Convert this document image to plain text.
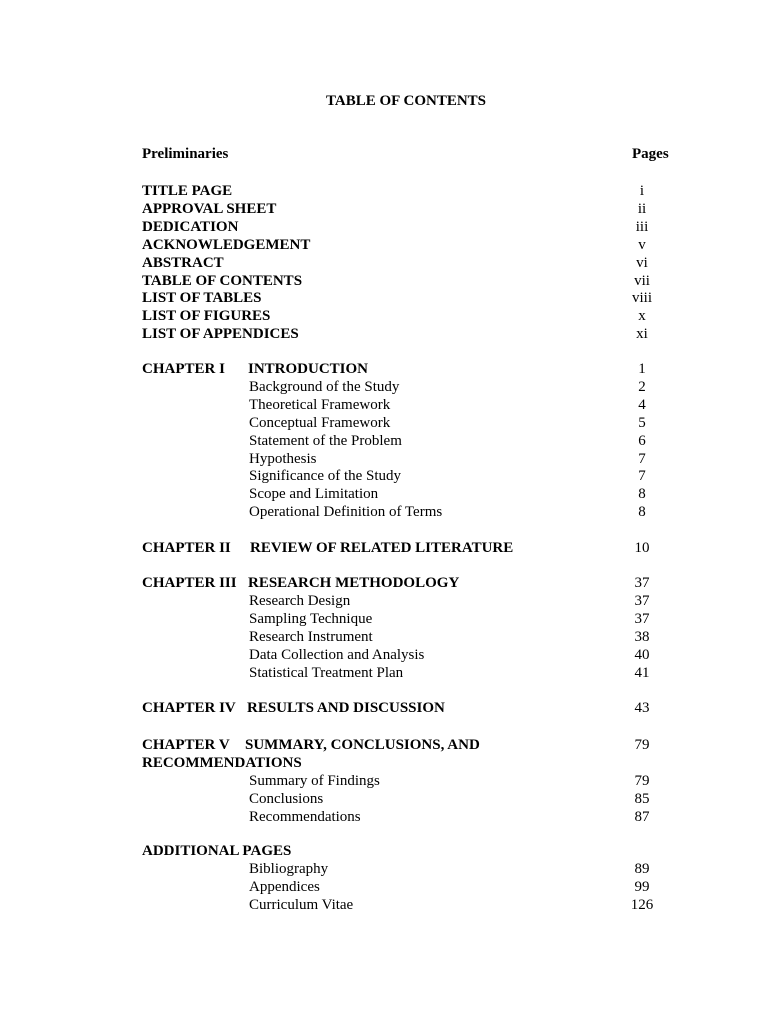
TABLE OF CONTENTS
Preliminaries	Pages
TITLE PAGE	i
APPROVAL SHEET	ii
DEDICATION	iii
ACKNOWLEDGEMENT	v
ABSTRACT	vi
TABLE OF CONTENTS	vii
LIST OF TABLES	viii
LIST OF FIGURES	x
LIST OF APPENDICES	xi
CHAPTER I INTRODUCTION	1
Background of the Study	2
Theoretical Framework	4
Conceptual Framework	5
Statement of the Problem	6
Hypothesis	7
Significance of the Study	7
Scope and Limitation	8
Operational Definition of Terms	8
CHAPTER II REVIEW OF RELATED LITERATURE	10
CHAPTER III RESEARCH METHODOLOGY	37
Research Design	37
Sampling Technique	37
Research Instrument	38
Data Collection and Analysis	40
Statistical Treatment Plan	41
CHAPTER IV RESULTS AND DISCUSSION	43
CHAPTER V SUMMARY, CONCLUSIONS, AND	79
RECOMMENDATIONS
Summary of Findings	79
Conclusions	85
Recommendations	87
ADDITIONAL PAGES
Bibliography	89
Appendices	99
Curriculum Vitae	126
